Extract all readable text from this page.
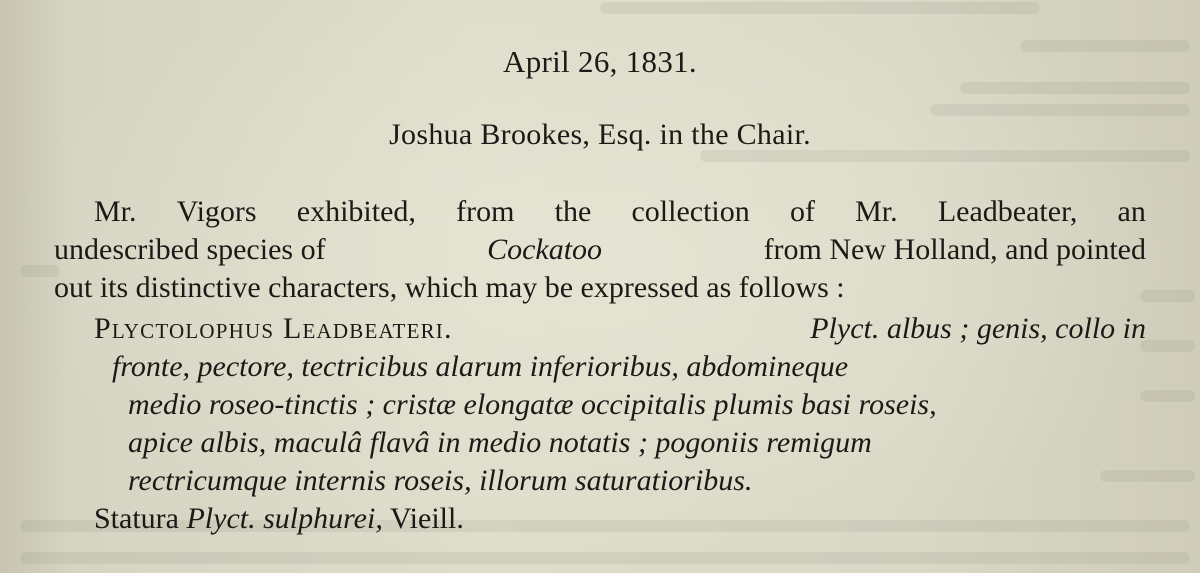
April 26, 1831.
Joshua Brookes, Esq. in the Chair.
Mr. Vigors exhibited, from the collection of Mr. Leadbeater, an
undescribed species of	Cockatoo	from New Holland, and pointed
out its distinctive characters, which may be expressed as follows :
Plyctolophus Leadbeateri.	Plyct. albus ; genis, collo in
fronte, pectore, tectricibus alarum inferioribus, abdomineque
medio roseo-tinctis ; cristæ elongatæ occipitalis plumis basi roseis,
apice albis, maculâ flavâ in medio notatis ; pogoniis remigum
rectricumque internis roseis, illorum saturatioribus.
Statura Plyct. sulphurei, Vieill.
